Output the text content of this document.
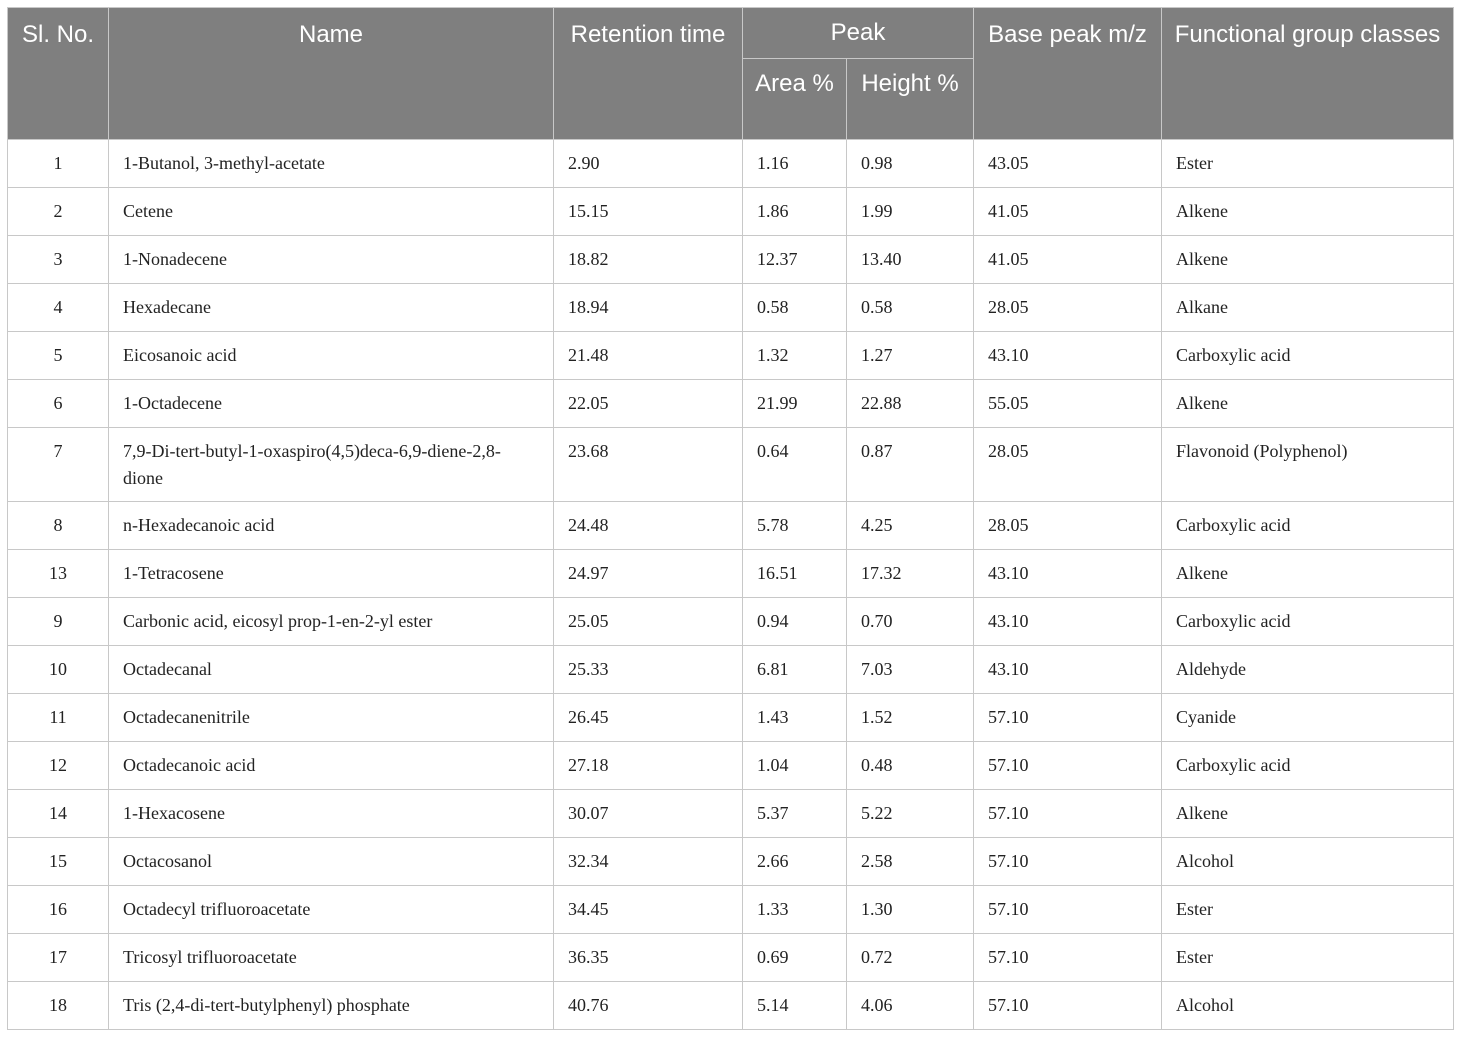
Sl. No.	Name	Retention time	Peak		Base peak m/z	Functional group classes
			Area %	Height %		
1	1-Butanol, 3-methyl-acetate	2.90	1.16	0.98	43.05	Ester
2	Cetene	15.15	1.86	1.99	41.05	Alkene
3	1-Nonadecene	18.82	12.37	13.40	41.05	Alkene
4	Hexadecane	18.94	0.58	0.58	28.05	Alkane
5	Eicosanoic acid	21.48	1.32	1.27	43.10	Carboxylic acid
6	1-Octadecene	22.05	21.99	22.88	55.05	Alkene
7	7,9-Di-tert-butyl-1-oxaspiro(4,5)deca-6,9-diene-2,8-dione	23.68	0.64	0.87	28.05	Flavonoid (Polyphenol)
8	n-Hexadecanoic acid	24.48	5.78	4.25	28.05	Carboxylic acid
13	1-Tetracosene	24.97	16.51	17.32	43.10	Alkene
9	Carbonic acid, eicosyl prop-1-en-2-yl ester	25.05	0.94	0.70	43.10	Carboxylic acid
10	Octadecanal	25.33	6.81	7.03	43.10	Aldehyde
11	Octadecanenitrile	26.45	1.43	1.52	57.10	Cyanide
12	Octadecanoic acid	27.18	1.04	0.48	57.10	Carboxylic acid
14	1-Hexacosene	30.07	5.37	5.22	57.10	Alkene
15	Octacosanol	32.34	2.66	2.58	57.10	Alcohol
16	Octadecyl trifluoroacetate	34.45	1.33	1.30	57.10	Ester
17	Tricosyl trifluoroacetate	36.35	0.69	0.72	57.10	Ester
18	Tris (2,4-di-tert-butylphenyl) phosphate	40.76	5.14	4.06	57.10	Alcohol
